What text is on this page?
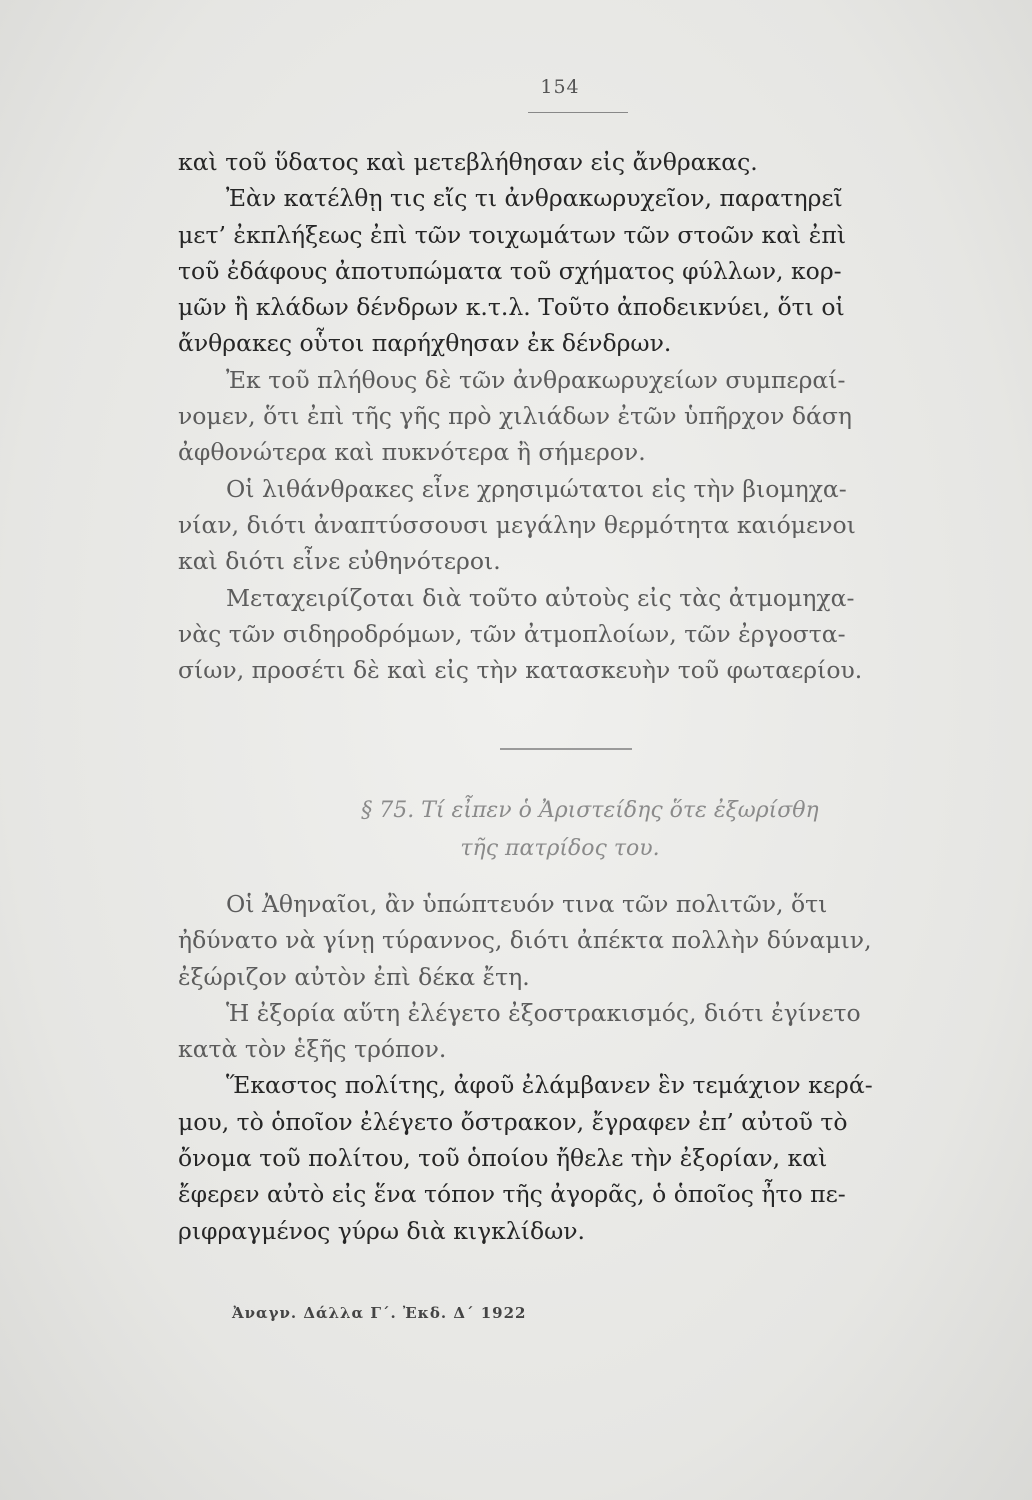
154

καὶ τοῦ ὕδατος καὶ μετεβλήθησαν εἰς ἄνθρακας.

Ἐὰν κατέλθῃ τις εἴς τι ἀνθρακωρυχεῖον, παρατηρεῖ
μετ’ ἐκπλήξεως ἐπὶ τῶν τοιχωμάτων τῶν στοῶν καὶ ἐπὶ
τοῦ ἐδάφους ἀποτυπώματα τοῦ σχήματος φύλλων, κορ-
μῶν ἢ κλάδων δένδρων κ.τ.λ. Τοῦτο ἀποδεικνύει, ὅτι οἱ
ἄνθρακες οὗτοι παρήχθησαν ἐκ δένδρων.

Ἐκ τοῦ πλήθους δὲ τῶν ἀνθρακωρυχείων συμπεραί-
νομεν, ὅτι ἐπὶ τῆς γῆς πρὸ χιλιάδων ἐτῶν ὑπῆρχον δάση
ἀφθονώτερα καὶ πυκνότερα ἢ σήμερον.

Οἱ λιθάνθρακες εἶνε χρησιμώτατοι εἰς τὴν βιομηχα-
νίαν, διότι ἀναπτύσσουσι μεγάλην θερμότητα καιόμενοι
καὶ διότι εἶνε εὐθηνότεροι.

Μεταχειρίζοται διὰ τοῦτο αὐτοὺς εἰς τὰς ἀτμομηχα-
νὰς τῶν σιδηροδρόμων, τῶν ἀτμοπλοίων, τῶν ἐργοστα-
σίων, προσέτι δὲ καὶ εἰς τὴν κατασκευὴν τοῦ φωταερίου.

§ 75. Τί εἶπεν ὁ Ἀριστείδης ὅτε ἐξωρίσθη
τῆς πατρίδος του.

Οἱ Ἀθηναῖοι, ἂν ὑπώπτευόν τινα τῶν πολιτῶν, ὅτι
ἠδύνατο νὰ γίνῃ τύραννος, διότι ἀπέκτα πολλὴν δύναμιν,
ἐξώριζον αὐτὸν ἐπὶ δέκα ἔτη.

Ἡ ἐξορία αὕτη ἐλέγετο ἐξοστρακισμός, διότι ἐγίνετο
κατὰ τὸν ἑξῆς τρόπον.

Ἕκαστος πολίτης, ἀφοῦ ἐλάμβανεν ἓν τεμάχιον κερά-
μου, τὸ ὁποῖον ἐλέγετο ὄστρακον, ἔγραφεν ἐπ’ αὐτοῦ τὸ
ὄνομα τοῦ πολίτου, τοῦ ὁποίου ἤθελε τὴν ἐξορίαν, καὶ
ἔφερεν αὐτὸ εἰς ἕνα τόπον τῆς ἀγορᾶς, ὁ ὁποῖος ἦτο πε-
ριφραγμένος γύρω διὰ κιγκλίδων.

Ἀναγν. Δάλλα Γ΄. Ἐκδ. Δ΄ 1922
